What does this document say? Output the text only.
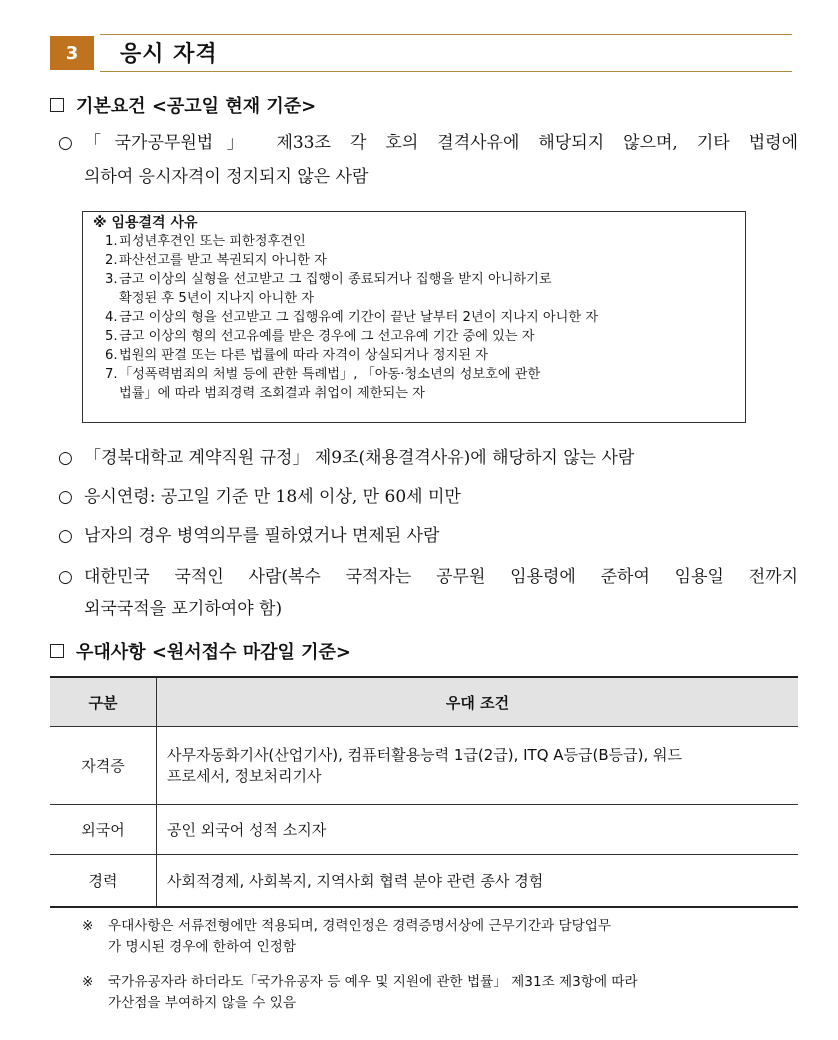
3	응시 자격
기본요건 <공고일 현재 기준>
○ 「국가공무원법」 제33조 각 호의 결격사유에 해당되지 않으며, 기타 법령에
의하여 응시자격이 정지되지 않은 사람
※ 임용결격 사유
1. 피성년후견인 또는 피한정후견인
2. 파산선고를 받고 복권되지 아니한 자
3. 금고 이상의 실형을 선고받고 그 집행이 종료되거나 집행을 받지 아니하기로
확정된 후 5년이 지나지 아니한 자
4. 금고 이상의 형을 선고받고 그 집행유예 기간이 끝난 날부터 2년이 지나지 아니한 자
5. 금고 이상의 형의 선고유예를 받은 경우에 그 선고유예 기간 중에 있는 자
6. 법원의 판결 또는 다른 법률에 따라 자격이 상실되거나 정지된 자
7. 「성폭력범죄의 처벌 등에 관한 특례법」, 「아동·청소년의 성보호에 관한
법률」에 따라 범죄경력 조회결과 취업이 제한되는 자
○ 「경북대학교 계약직원 규정」 제9조(채용결격사유)에 해당하지 않는 사람
○ 응시연령: 공고일 기준 만 18세 이상, 만 60세 미만
○ 남자의 경우 병역의무를 필하였거나 면제된 사람
○ 대한민국 국적인 사람(복수 국적자는 공무원 임용령에 준하여 임용일 전까지
외국국적을 포기하여야 함)
우대사항 <원서접수 마감일 기준>
구분	우대 조건
자격증	사무자동화기사(산업기사), 컴퓨터활용능력 1급(2급), ITQ A등급(B등급), 워드
프로세서, 정보처리기사

외국어	공인 외국어 성적 소지자
경력	사회적경제, 사회복지, 지역사회 협력 분야 관련 종사 경험
※ 우대사항은 서류전형에만 적용되며, 경력인정은 경력증명서상에 근무기간과 담당업무
가 명시된 경우에 한하여 인정함
※ 국가유공자라 하더라도「국가유공자 등 예우 및 지원에 관한 법률」 제31조 제3항에 따라
가산점을 부여하지 않을 수 있음
